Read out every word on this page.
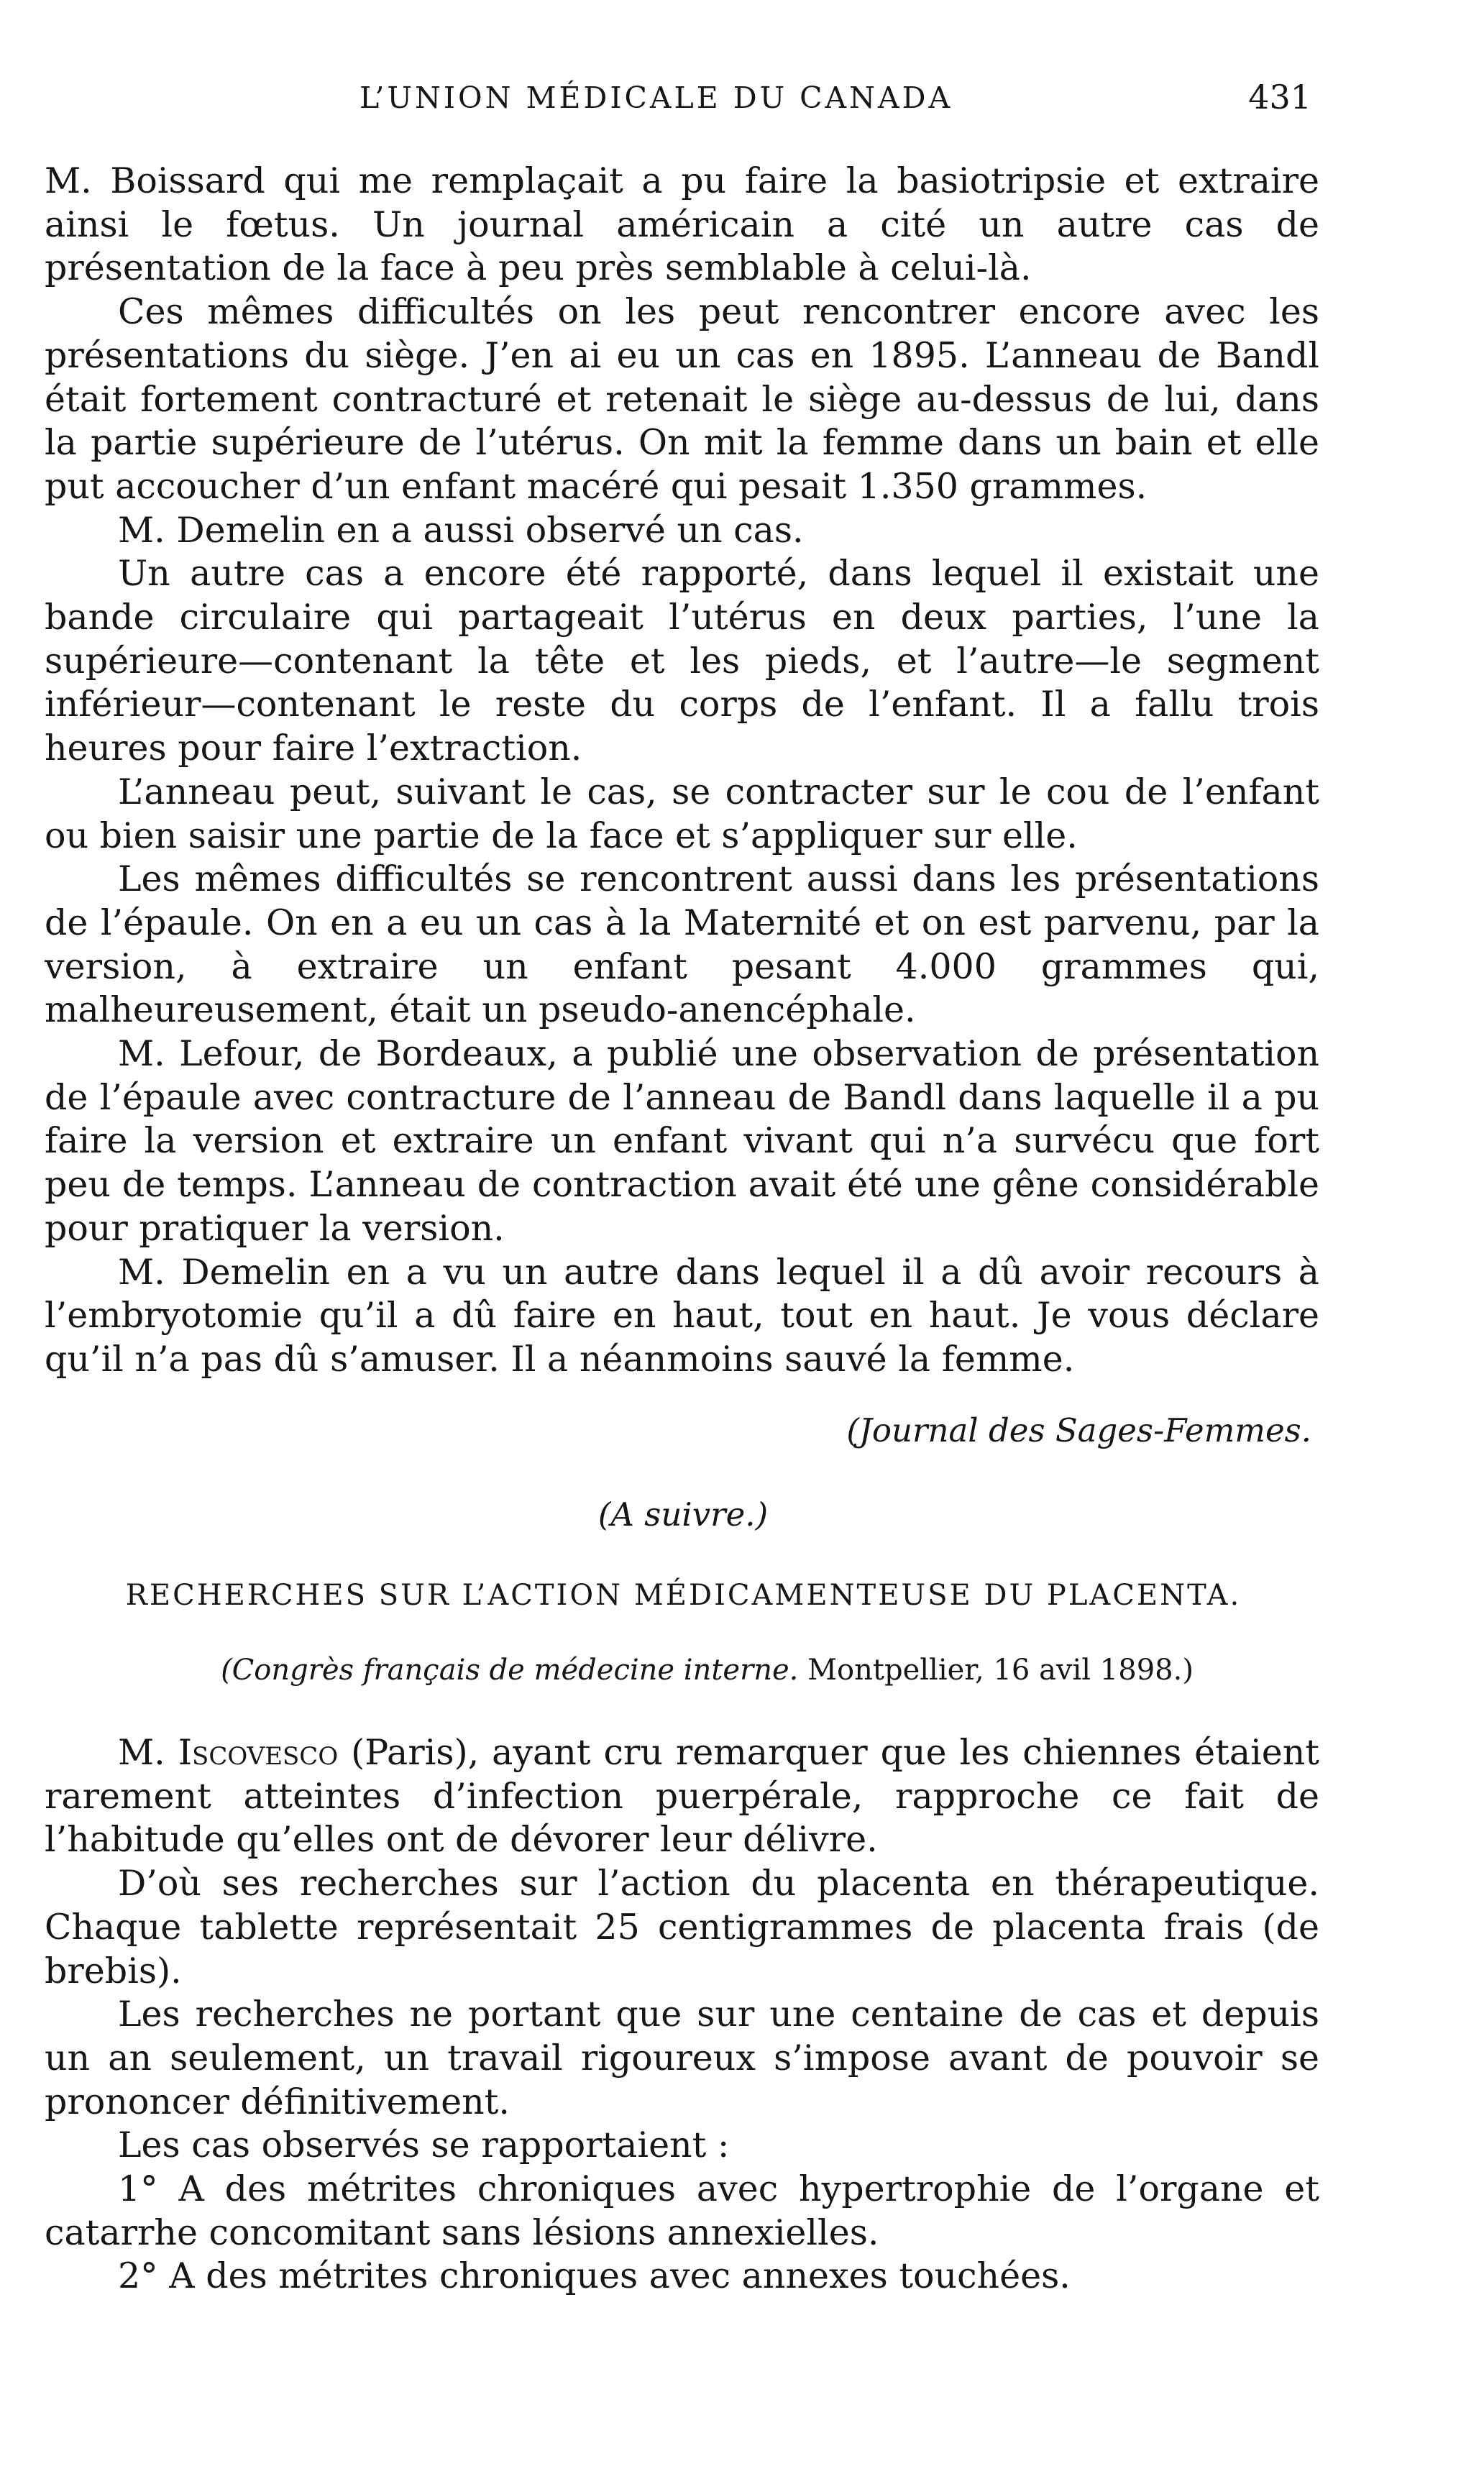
L’UNION MÉDICALE DU CANADA	431

M. Boissard qui me remplaçait a pu faire la basiotripsie et extraire ainsi le fœtus. Un journal américain a cité un autre cas de présentation de la face à peu près semblable à celui-là.

Ces mêmes difficultés on les peut rencontrer encore avec les présentations du siège. J’en ai eu un cas en 1895. L’anneau de Bandl était fortement contracturé et retenait le siège au-dessus de lui, dans la partie supérieure de l’utérus. On mit la femme dans un bain et elle put accoucher d’un enfant macéré qui pesait 1.350 grammes.

M. Demelin en a aussi observé un cas.

Un autre cas a encore été rapporté, dans lequel il existait une bande circulaire qui partageait l’utérus en deux parties, l’une la supérieure—contenant la tête et les pieds, et l’autre—le segment inférieur—contenant le reste du corps de l’enfant. Il a fallu trois heures pour faire l’extraction.

L’anneau peut, suivant le cas, se contracter sur le cou de l’enfant ou bien saisir une partie de la face et s’appliquer sur elle.

Les mêmes difficultés se rencontrent aussi dans les présentations de l’épaule. On en a eu un cas à la Maternité et on est parvenu, par la version, à extraire un enfant pesant 4.000 grammes qui, malheureusement, était un pseudo-anencéphale.

M. Lefour, de Bordeaux, a publié une observation de présentation de l’épaule avec contracture de l’anneau de Bandl dans laquelle il a pu faire la version et extraire un enfant vivant qui n’a survécu que fort peu de temps. L’anneau de contraction avait été une gêne considérable pour pratiquer la version.

M. Demelin en a vu un autre dans lequel il a dû avoir recours à l’embryotomie qu’il a dû faire en haut, tout en haut. Je vous déclare qu’il n’a pas dû s’amuser. Il a néanmoins sauvé la femme.

(Journal des Sages-Femmes.
(A suivre.)
RECHERCHES SUR L’ACTION MÉDICAMENTEUSE DU PLACENTA.
(Congrès français de médecine interne. Montpellier, 16 avil 1898.)

M. Iscovesco (Paris), ayant cru remarquer que les chiennes étaient rarement atteintes d’infection puerpérale, rapproche ce fait de l’habitude qu’elles ont de dévorer leur délivre.

D’où ses recherches sur l’action du placenta en thérapeutique. Chaque tablette représentait 25 centigrammes de placenta frais (de brebis).

Les recherches ne portant que sur une centaine de cas et depuis un an seulement, un travail rigoureux s’impose avant de pouvoir se prononcer définitivement.

Les cas observés se rapportaient :

1° A des métrites chroniques avec hypertrophie de l’organe et catarrhe concomitant sans lésions annexielles.

2° A des métrites chroniques avec annexes touchées.
